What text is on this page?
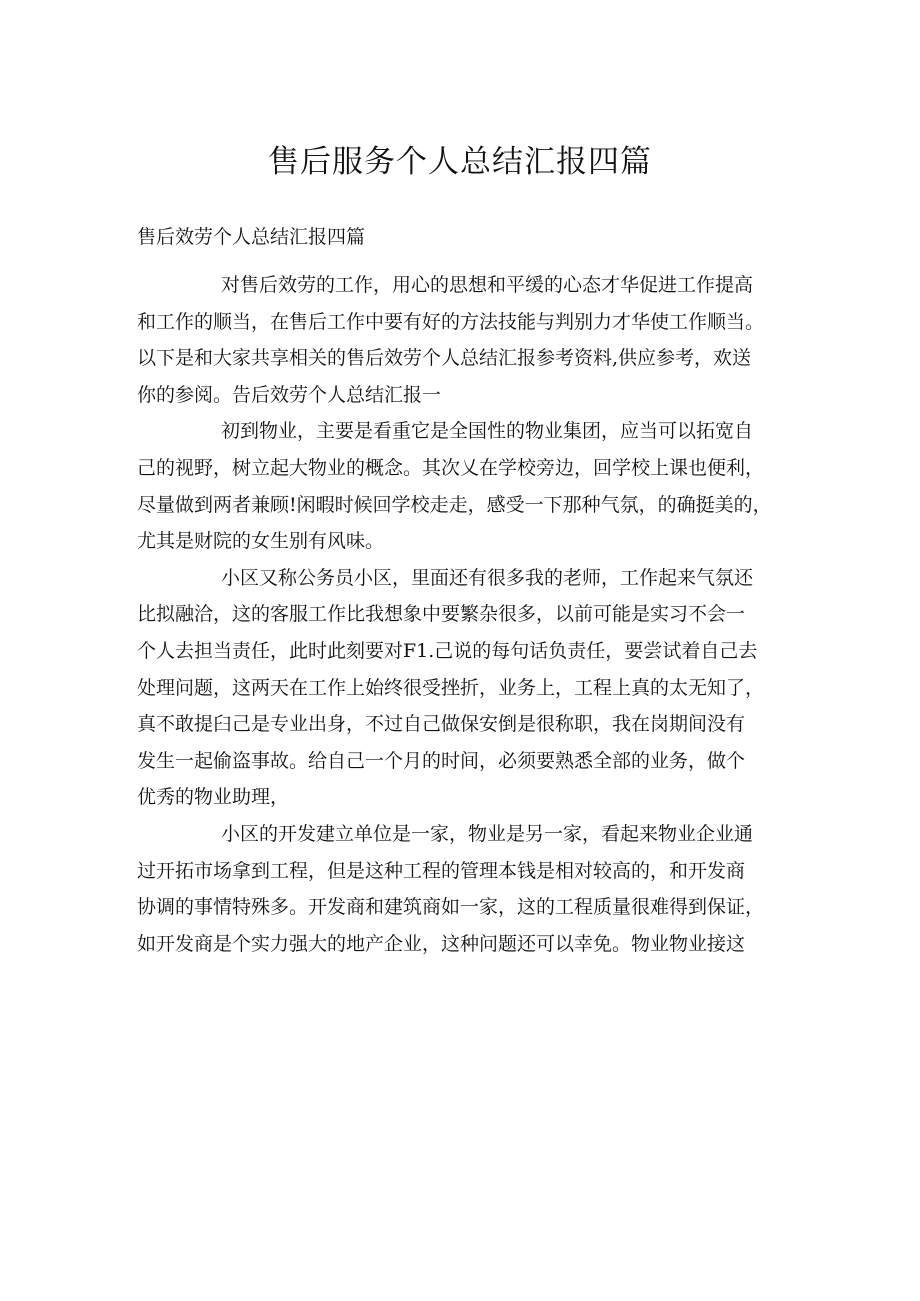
售后服务个人总结汇报四篇
售后效劳个人总结汇报四篇
对售后效劳的工作，用心的思想和平缓的心态才华促进工作提高
和工作的顺当，在售后工作中要有好的方法技能与判别力才华使工作顺当。
以下是和大家共享相关的售后效劳个人总结汇报参考资料,供应参考，欢送
你的参阅。告后效劳个人总结汇报一
初到物业，主要是看重它是全国性的物业集团，应当可以拓宽自
己的视野，树立起大物业的概念。其次乂在学校旁边，回学校上课也便利，
尽量做到两者兼顾!闲暇时候回学校走走，感受一下那种气氛，的确挺美的，
尤其是财院的女生别有风味。
小区又称公务员小区，里面还有很多我的老师，工作起来气氛还
比拟融洽，这的客服工作比我想象中要繁杂很多，以前可能是实习不会一
个人去担当责任，此时此刻要对F1.己说的每句话负责任，要尝试着自己去
处理问题，这两天在工作上始终很受挫折，业务上，工程上真的太无知了，
真不敢提臼己是专业出身，不过自己做保安倒是很称职，我在岗期间没有
发生一起偷盗事故。给自己一个月的时间，必须要熟悉全部的业务，做个
优秀的物业助理，
小区的开发建立单位是一家，物业是另一家，看起来物业企业通
过开拓市场拿到工程，但是这种工程的管理本钱是相对较高的，和开发商
协调的事情特殊多。开发商和建筑商如一家，这的工程质量很难得到保证，
如开发商是个实力强大的地产企业，这种问题还可以幸免。物业物业接这
